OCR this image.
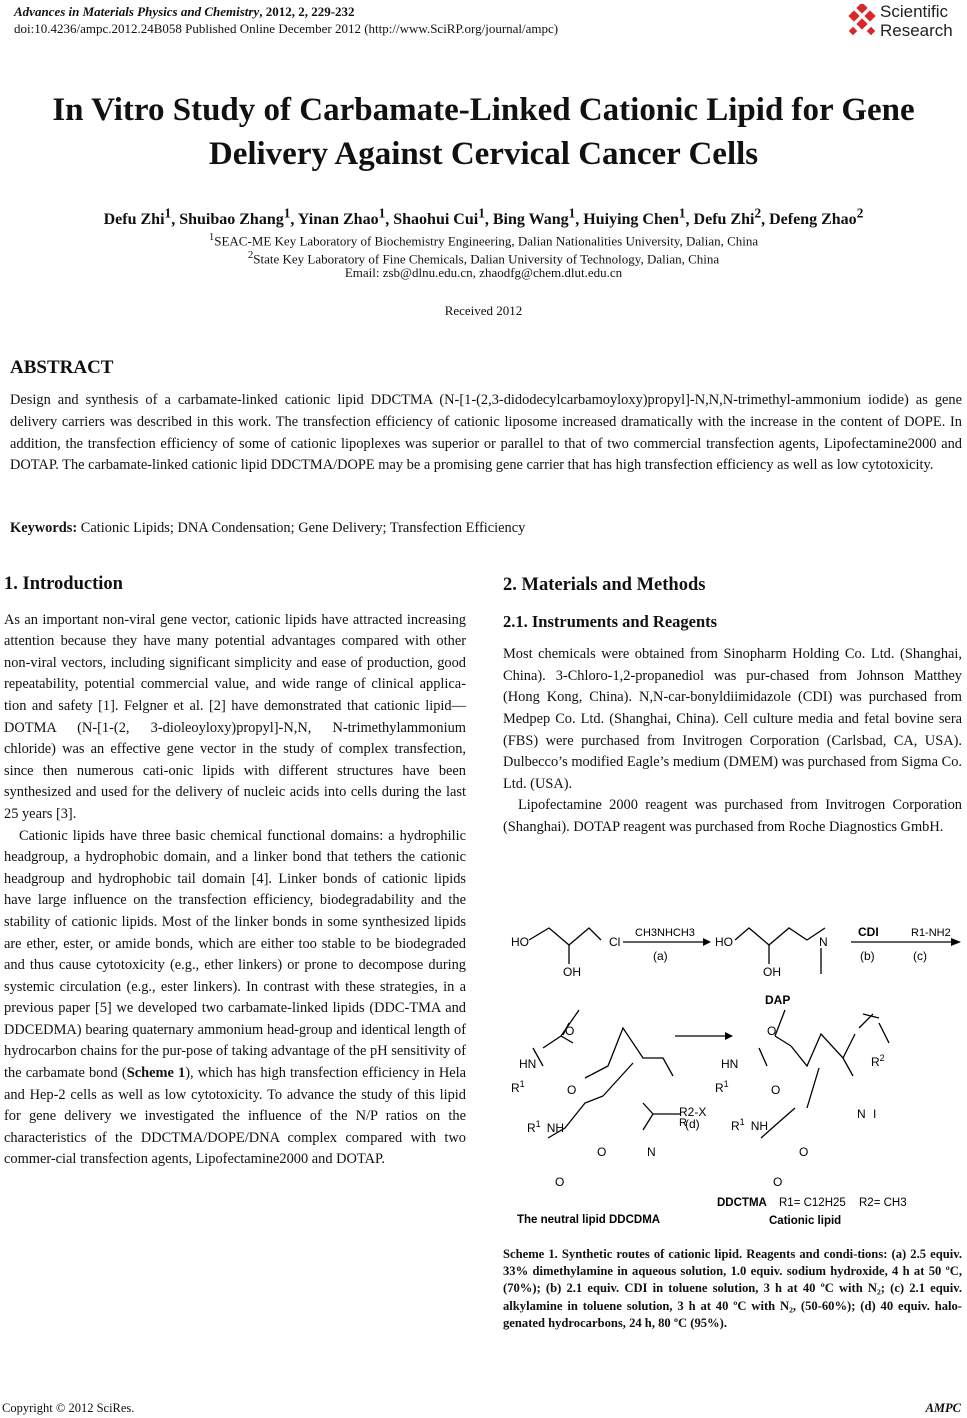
Advances in Materials Physics and Chemistry, 2012, 2, 229-232
doi:10.4236/ampc.2012.24B058 Published Online December 2012 (http://www.SciRP.org/journal/ampc)
Scientific
Research
In Vitro Study of Carbamate-Linked Cationic Lipid for Gene
Delivery Against Cervical Cancer Cells
Defu Zhi$^1$, Shuibao Zhang$^1$, Yinan Zhao$^1$, Shaohui Cui$^1$, Bing Wang$^1$, Huiying Chen$^1$, Defu Zhi$^2$, Defeng Zhao$^2$
$^1$SEAC-ME Key Laboratory of Biochemistry Engineering, Dalian Nationalities University, Dalian, China
$^2$State Key Laboratory of Fine Chemicals, Dalian University of Technology, Dalian, China
Email: zsb@dlnu.edu.cn, zhaodfg@chem.dlut.edu.cn
Received 2012
ABSTRACT
Design and synthesis of a carbamate-linked cationic lipid DDCTMA (N-[1-(2,3-didodecylcarbamoyloxy)propyl]-N,N,N-trimethyl-ammonium iodide) as gene delivery carriers was described in this work. The transfection efficiency of cationic liposome increased dramatically with the increase in the content of DOPE. In addition, the transfection efficiency of some of cationic lipoplexes was superior or parallel to that of two commercial transfection agents, Lipofectamine2000 and DOTAP. The carbamate-linked cationic lipid DDCTMA/DOPE may be a promising gene carrier that has high transfection efficiency as well as low cytotoxicity.
Keywords: Cationic Lipids; DNA Condensation; Gene Delivery; Transfection Efficiency
1. Introduction

As an important non-viral gene vector, cationic lipids have attracted increasing attention because they have many potential advantages compared with other non-viral vectors, including significant simplicity and ease of production, good repeatability, potential commercial value, and wide range of clinical applica-tion and safety [1]. Felgner et al. [2] have demonstrated that cationic lipid—DOTMA (N-[1-(2, 3-dioleoyloxy)propyl]-N,N, N-trimethylammonium chloride) was an effective gene vector in the study of complex transfection, since then numerous cati-onic lipids with different structures have been synthesized and used for the delivery of nucleic acids into cells during the last 25 years [3].

Cationic lipids have three basic chemical functional domains: a hydrophilic headgroup, a hydrophobic domain, and a linker bond that tethers the cationic headgroup and hydrophobic tail domain [4]. Linker bonds of cationic lipids have large influence on the transfection efficiency, biodegradability and the stability of cationic lipids. Most of the linker bonds in some synthesized lipids are ether, ester, or amide bonds, which are either too stable to be biodegraded and thus cause cytotoxicity (e.g., ether linkers) or prone to decompose during systemic circulation (e.g., ester linkers). In contrast with these strategies, in a previous paper [5] we developed two carbamate-linked lipids (DDC-TMA and DDCEDMA) bearing quaternary ammonium head-group and identical length of hydrocarbon chains for the pur-pose of taking advantage of the pH sensitivity of the carbamate bond (Scheme 1), which has high transfection efficiency in Hela and Hep-2 cells as well as low cytotoxicity. To advance the study of this lipid for gene delivery we investigated the influence of the N/P ratios on the characteristics of the DDCTMA/DOPE/DNA complex compared with two commer-cial transfection agents, Lipofectamine2000 and DOTAP.

2. Materials and Methods
2.1. Instruments and Reagents

Most chemicals were obtained from Sinopharm Holding Co. Ltd. (Shanghai, China). 3-Chloro-1,2-propanediol was pur-chased from Johnson Matthey (Hong Kong, China). N,N-car-bonyldiimidazole (CDI) was purchased from Medpep Co. Ltd. (Shanghai, China). Cell culture media and fetal bovine sera (FBS) were purchased from Invitrogen Corporation (Carlsbad, CA, USA). Dulbecco’s modified Eagle’s medium (DMEM) was purchased from Sigma Co. Ltd. (USA).

Lipofectamine 2000 reagent was purchased from Invitrogen Corporation (Shanghai). DOTAP reagent was purchased from Roche Diagnostics GmbH.

HO
OH
Cl
CH3NHCH3
(a)
HO
OH
N
DAP
CDI
(b)
R1-NH2
(c)
O
HN
$R^1$	O
$R^1$ NH
O
O
N
R
(d)
R2-X
O
HN
$R^1$	O
$R^1$ NH
O
O
N
$R^2$
I
The neutral lipid DDCDMA
DDCTMA R1= C12H25 R2= CH3
Cationic lipid
Scheme 1. Synthetic routes of cationic lipid. Reagents and condi-tions: (a) 2.5 equiv. 33% dimethylamine in aqueous solution, 1.0 equiv. sodium hydroxide, 4 h at 50 ºC, (70%); (b) 2.1 equiv. CDI in toluene solution, 3 h at 40 ºC with N₂; (c) 2.1 equiv. alkylamine in toluene solution, 3 h at 40 ºC with N₂, (50-60%); (d) 40 equiv. halo-genated hydrocarbons, 24 h, 80 ºC (95%).
Copyright © 2012 SciRes.	AMPC
